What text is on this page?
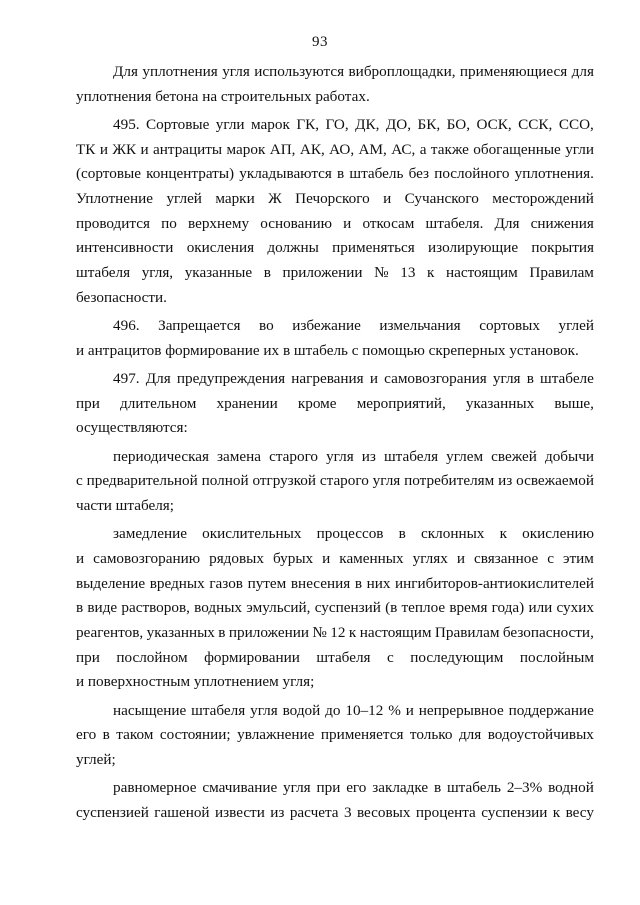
93
Для уплотнения угля используются виброплощадки, применяющиеся для
уплотнения бетона на строительных работах.
495. Сортовые угли марок ГК, ГО, ДК, ДО, БК, БО, ОСК, ССК, ССО,
ТК и ЖК и антрациты марок АП, АК, АО, АМ, АС, а также обогащенные угли
(сортовые концентраты) укладываются в штабель без послойного уплотнения.
Уплотнение углей марки Ж Печорского и Сучанского месторождений
проводится по верхнему основанию и откосам штабеля. Для снижения
интенсивности окисления должны применяться изолирующие покрытия
штабеля угля, указанные в приложении № 13 к настоящим Правилам
безопасности.
496. Запрещается во избежание измельчания сортовых углей
и антрацитов формирование их в штабель с помощью скреперных установок.
497. Для предупреждения нагревания и самовозгорания угля в штабеле
при длительном хранении кроме мероприятий, указанных выше,
осуществляются:
периодическая замена старого угля из штабеля углем свежей добычи
с предварительной полной отгрузкой старого угля потребителям из освежаемой
части штабеля;
замедление окислительных процессов в склонных к окислению
и самовозгоранию рядовых бурых и каменных углях и связанное с этим
выделение вредных газов путем внесения в них ингибиторов-антиокислителей
в виде растворов, водных эмульсий, суспензий (в теплое время года) или сухих
реагентов, указанных в приложении № 12 к настоящим Правилам безопасности,
при послойном формировании штабеля с последующим послойным
и поверхностным уплотнением угля;
насыщение штабеля угля водой до 10–12 % и непрерывное поддержание
его в таком состоянии; увлажнение применяется только для водоустойчивых
углей;
равномерное смачивание угля при его закладке в штабель 2–3% водной
суспензией гашеной извести из расчета 3 весовых процента суспензии к весу
